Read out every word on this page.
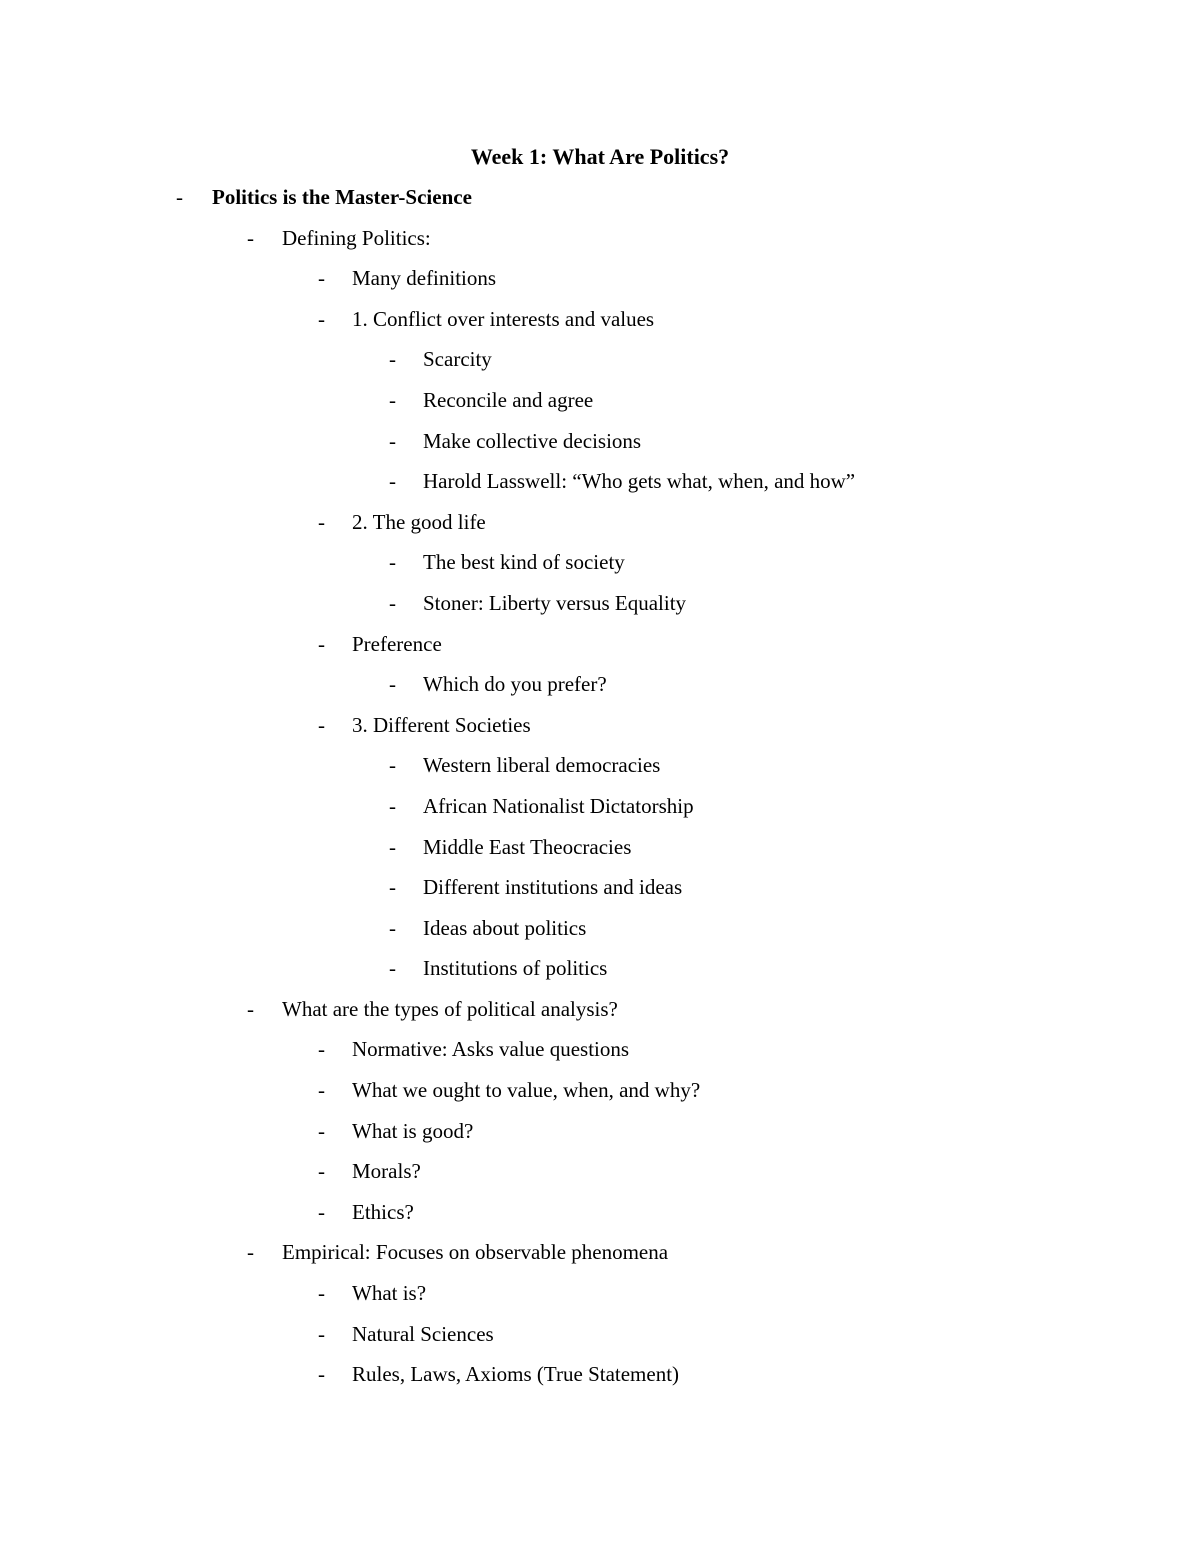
Week 1: What Are Politics?
- Politics is the Master-Science
- Defining Politics:
- Many definitions
- 1. Conflict over interests and values
- Scarcity
- Reconcile and agree
- Make collective decisions
- Harold Lasswell: “Who gets what, when, and how”
- 2. The good life
- The best kind of society
- Stoner: Liberty versus Equality
- Preference
- Which do you prefer?
- 3. Different Societies
- Western liberal democracies
- African Nationalist Dictatorship
- Middle East Theocracies
- Different institutions and ideas
- Ideas about politics
- Institutions of politics
- What are the types of political analysis?
- Normative: Asks value questions
- What we ought to value, when, and why?
- What is good?
- Morals?
- Ethics?
- Empirical: Focuses on observable phenomena
- What is?
- Natural Sciences
- Rules, Laws, Axioms (True Statement)
